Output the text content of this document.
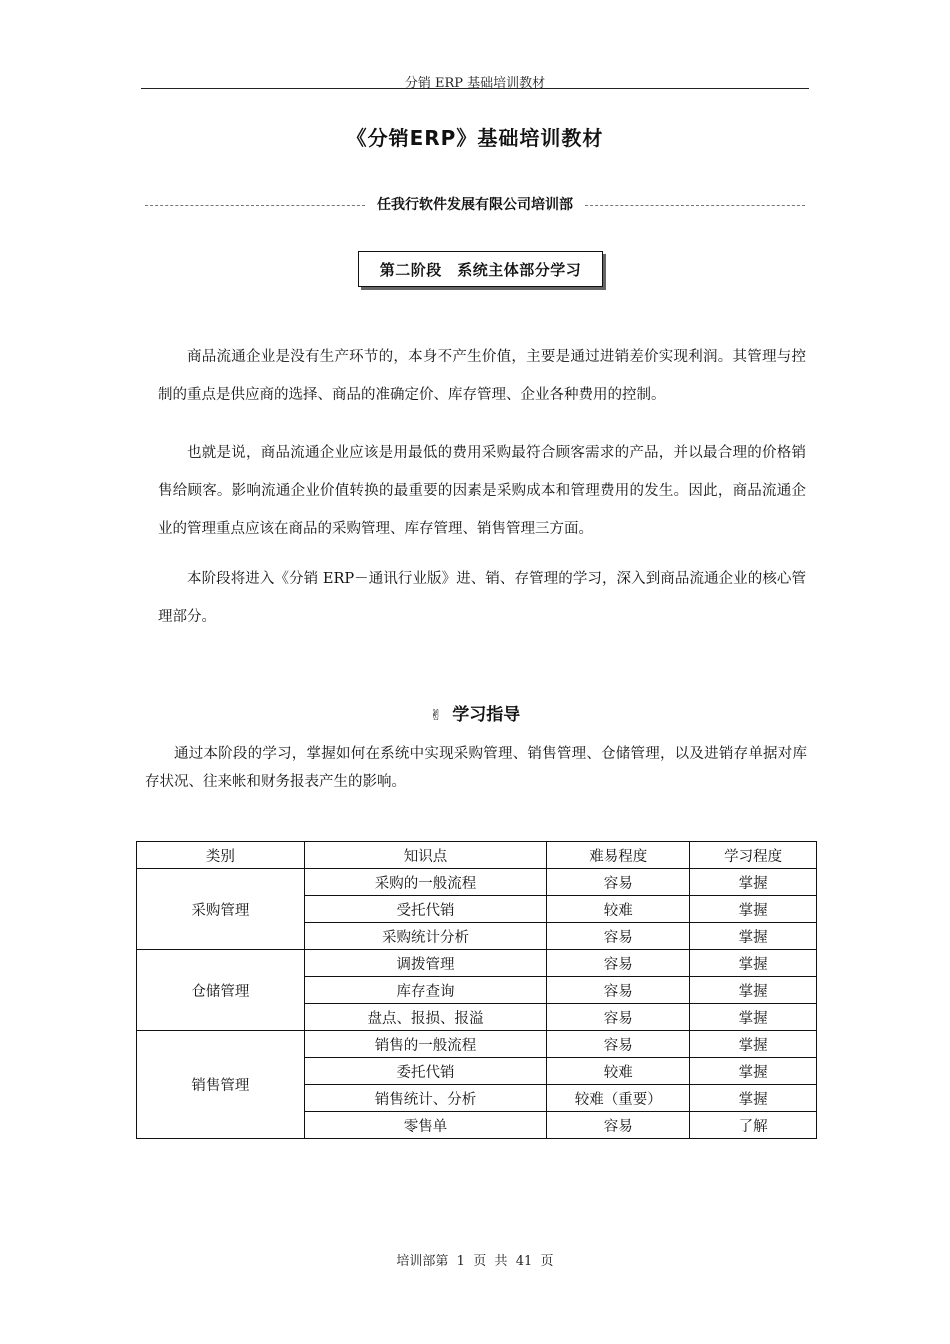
分销 ERP 基础培训教材
《分销ERP》基础培训教材
任我行软件发展有限公司培训部
第二阶段　系统主体部分学习

商品流通企业是没有生产环节的，本身不产生价值，主要是通过进销差价实现利润。其管理与控制的重点是供应商的选择、商品的准确定价、库存管理、企业各种费用的控制。

也就是说，商品流通企业应该是用最低的费用采购最符合顾客需求的产品，并以最合理的价格销售给顾客。影响流通企业价值转换的最重要的因素是采购成本和管理费用的发生。因此，商品流通企业的管理重点应该在商品的采购管理、库存管理、销售管理三方面。

本阶段将进入《分销 ERP－通讯行业版》进、销、存管理的学习，深入到商品流通企业的核心管理部分。

✌ 学习指导

通过本阶段的学习，掌握如何在系统中实现采购管理、销售管理、仓储管理，以及进销存单据对库存状况、往来帐和财务报表产生的影响。

类别	知识点	难易程度	学习程度
采购管理	采购的一般流程	容易	掌握
	受托代销	较难	掌握
	采购统计分析	容易	掌握
仓储管理	调拨管理	容易	掌握
	库存查询	容易	掌握
	盘点、报损、报溢	容易	掌握
销售管理	销售的一般流程	容易	掌握
	委托代销	较难	掌握
	销售统计、分析	较难（重要）	掌握
	零售单	容易	了解
培训部第  1  页  共  41  页
